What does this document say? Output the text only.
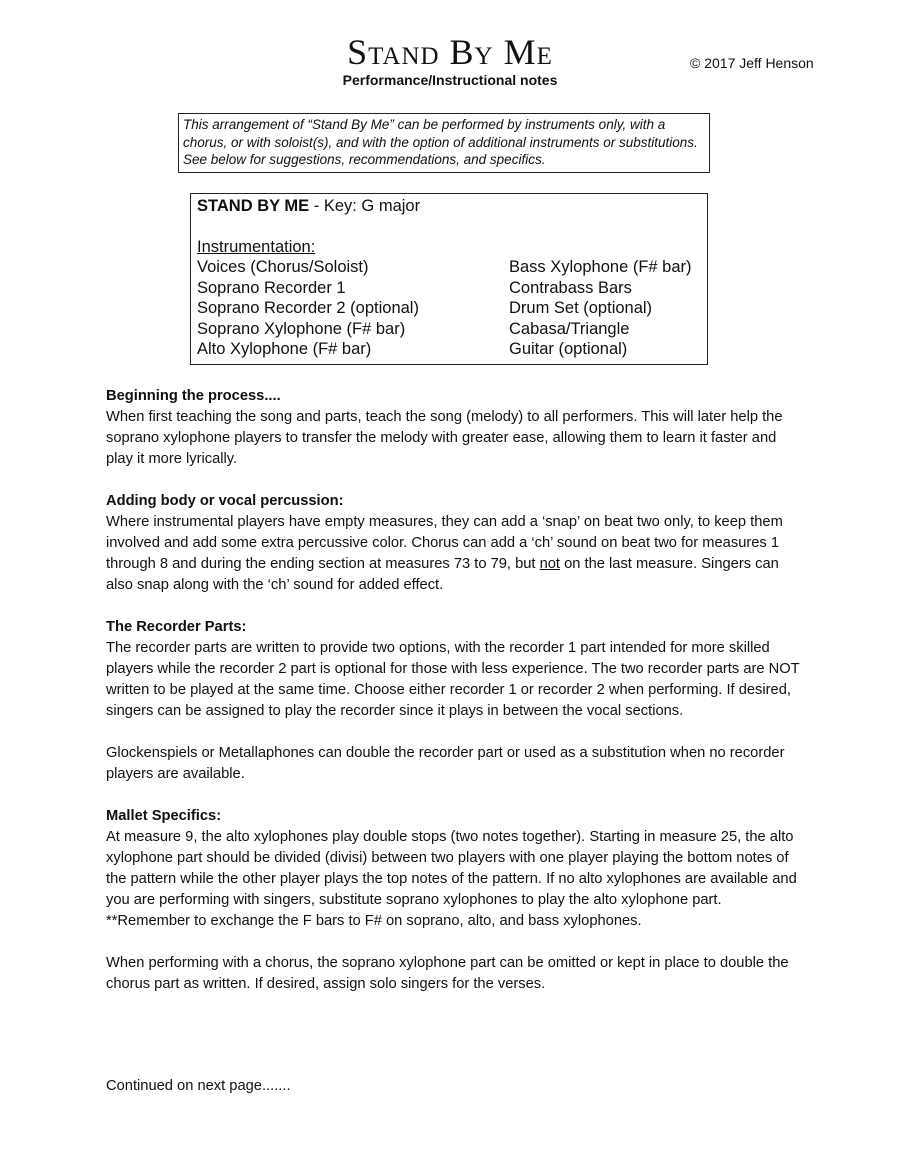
Stand By Me
Performance/Instructional notes
© 2017 Jeff Henson
This arrangement of “Stand By Me” can be performed by instruments only, with a chorus, or with soloist(s), and with the option of additional instruments or substitutions. See below for suggestions, recommendations, and specifics.
STAND BY ME - Key: G major
Instrumentation:
Voices (Chorus/Soloist)
Soprano Recorder 1
Soprano Recorder 2 (optional)
Soprano Xylophone (F# bar)
Alto Xylophone (F# bar)
Bass Xylophone (F# bar)
Contrabass Bars
Drum Set (optional)
Cabasa/Triangle
Guitar (optional)
Beginning the process....
When first teaching the song and parts, teach the song (melody) to all performers. This will later help the soprano xylophone players to transfer the melody with greater ease, allowing them to learn it faster and play it more lyrically.
Adding body or vocal percussion:
Where instrumental players have empty measures, they can add a ‘snap’ on beat two only, to keep them involved and add some extra percussive color. Chorus can add a ‘ch’ sound on beat two for measures 1 through 8 and during the ending section at measures 73 to 79, but not on the last measure. Singers can also snap along with the ‘ch’ sound for added effect.
The Recorder Parts:
The recorder parts are written to provide two options, with the recorder 1 part intended for more skilled players while the recorder 2 part is optional for those with less experience. The two recorder parts are NOT written to be played at the same time. Choose either recorder 1 or recorder 2 when performing. If desired, singers can be assigned to play the recorder since it plays in between the vocal sections.
Glockenspiels or Metallaphones can double the recorder part or used as a substitution when no recorder players are available.
Mallet Specifics:
At measure 9, the alto xylophones play double stops (two notes together). Starting in measure 25, the alto xylophone part should be divided (divisi) between two players with one player playing the bottom notes of the pattern while the other player plays the top notes of the pattern. If no alto xylophones are available and you are performing with singers, substitute soprano xylophones to play the alto xylophone part. **Remember to exchange the F bars to F# on soprano, alto, and bass xylophones.
When performing with a chorus, the soprano xylophone part can be omitted or kept in place to double the chorus part as written. If desired, assign solo singers for the verses.
Continued on next page.......
